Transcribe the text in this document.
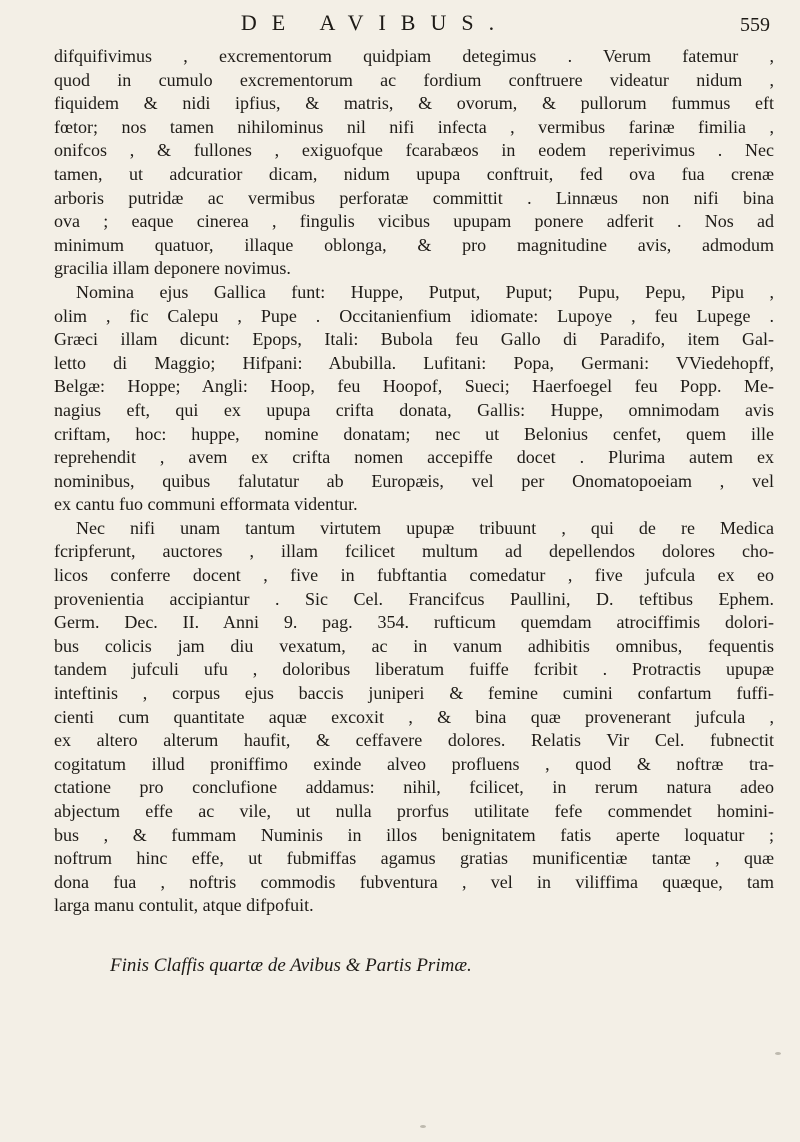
DE AVIBUS.	559
difquifivimus , excrementorum quidpiam detegimus . Verum fatemur ,
quod in cumulo excrementorum ac fordium conftruere videatur nidum ,
fiquidem & nidi ipfius, & matris, & ovorum, & pullorum fummus eft
fœtor; nos tamen nihilominus nil nifi infecta , vermibus farinæ fimilia ,
onifcos , & fullones , exiguofque fcarabæos in eodem reperivimus . Nec
tamen, ut adcuratior dicam, nidum upupa conftruit, fed ova fua crenæ
arboris putridæ ac vermibus perforatæ committit . Linnæus non nifi bina
ova ; eaque cinerea , fingulis vicibus upupam ponere adferit . Nos ad
minimum quatuor, illaque oblonga, & pro magnitudine avis, admodum
gracilia illam deponere novimus.
Nomina ejus Gallica funt: Huppe, Putput, Puput; Pupu, Pepu, Pipu ,
olim , fic Calepu , Pupe . Occitanienfium idiomate: Lupoye , feu Lupege .
Græci illam dicunt: Epops, Itali: Bubola feu Gallo di Paradifo, item Gal-
letto di Maggio; Hifpani: Abubilla. Lufitani: Popa, Germani: VViedehopff,
Belgæ: Hoppe; Angli: Hoop, feu Hoopof, Sueci; Haerfoegel feu Popp. Me-
nagius eft, qui ex upupa crifta donata, Gallis: Huppe, omnimodam avis
criftam, hoc: huppe, nomine donatam; nec ut Belonius cenfet, quem ille
reprehendit , avem ex crifta nomen accepiffe docet . Plurima autem ex
nominibus, quibus falutatur ab Europæis, vel per Onomatopoeiam , vel
ex cantu fuo communi efformata videntur.
Nec nifi unam tantum virtutem upupæ tribuunt , qui de re Medica
fcripferunt, auctores , illam fcilicet multum ad depellendos dolores cho-
licos conferre docent , five in fubftantia comedatur , five jufcula ex eo
provenientia accipiantur . Sic Cel. Francifcus Paullini, D. teftibus Ephem.
Germ. Dec. II. Anni 9. pag. 354. rufticum quemdam atrociffimis dolori-
bus colicis jam diu vexatum, ac in vanum adhibitis omnibus, fequentis
tandem jufculi ufu , doloribus liberatum fuiffe fcribit . Protractis upupæ
inteftinis , corpus ejus baccis juniperi & femine cumini confartum fuffi-
cienti cum quantitate aquæ excoxit , & bina quæ provenerant jufcula ,
ex altero alterum haufit, & ceffavere dolores. Relatis Vir Cel. fubnectit
cogitatum illud proniffimo exinde alveo profluens , quod & noftræ tra-
ctatione pro conclufione addamus: nihil, fcilicet, in rerum natura adeo
abjectum effe ac vile, ut nulla prorfus utilitate fefe commendet homini-
bus , & fummam Numinis in illos benignitatem fatis aperte loquatur ;
noftrum hinc effe, ut fubmiffas agamus gratias munificentiæ tantæ , quæ
dona fua , noftris commodis fubventura , vel in viliffima quæque, tam
larga manu contulit, atque difpofuit.
Finis Claffis quartæ de Avibus & Partis Primæ.
